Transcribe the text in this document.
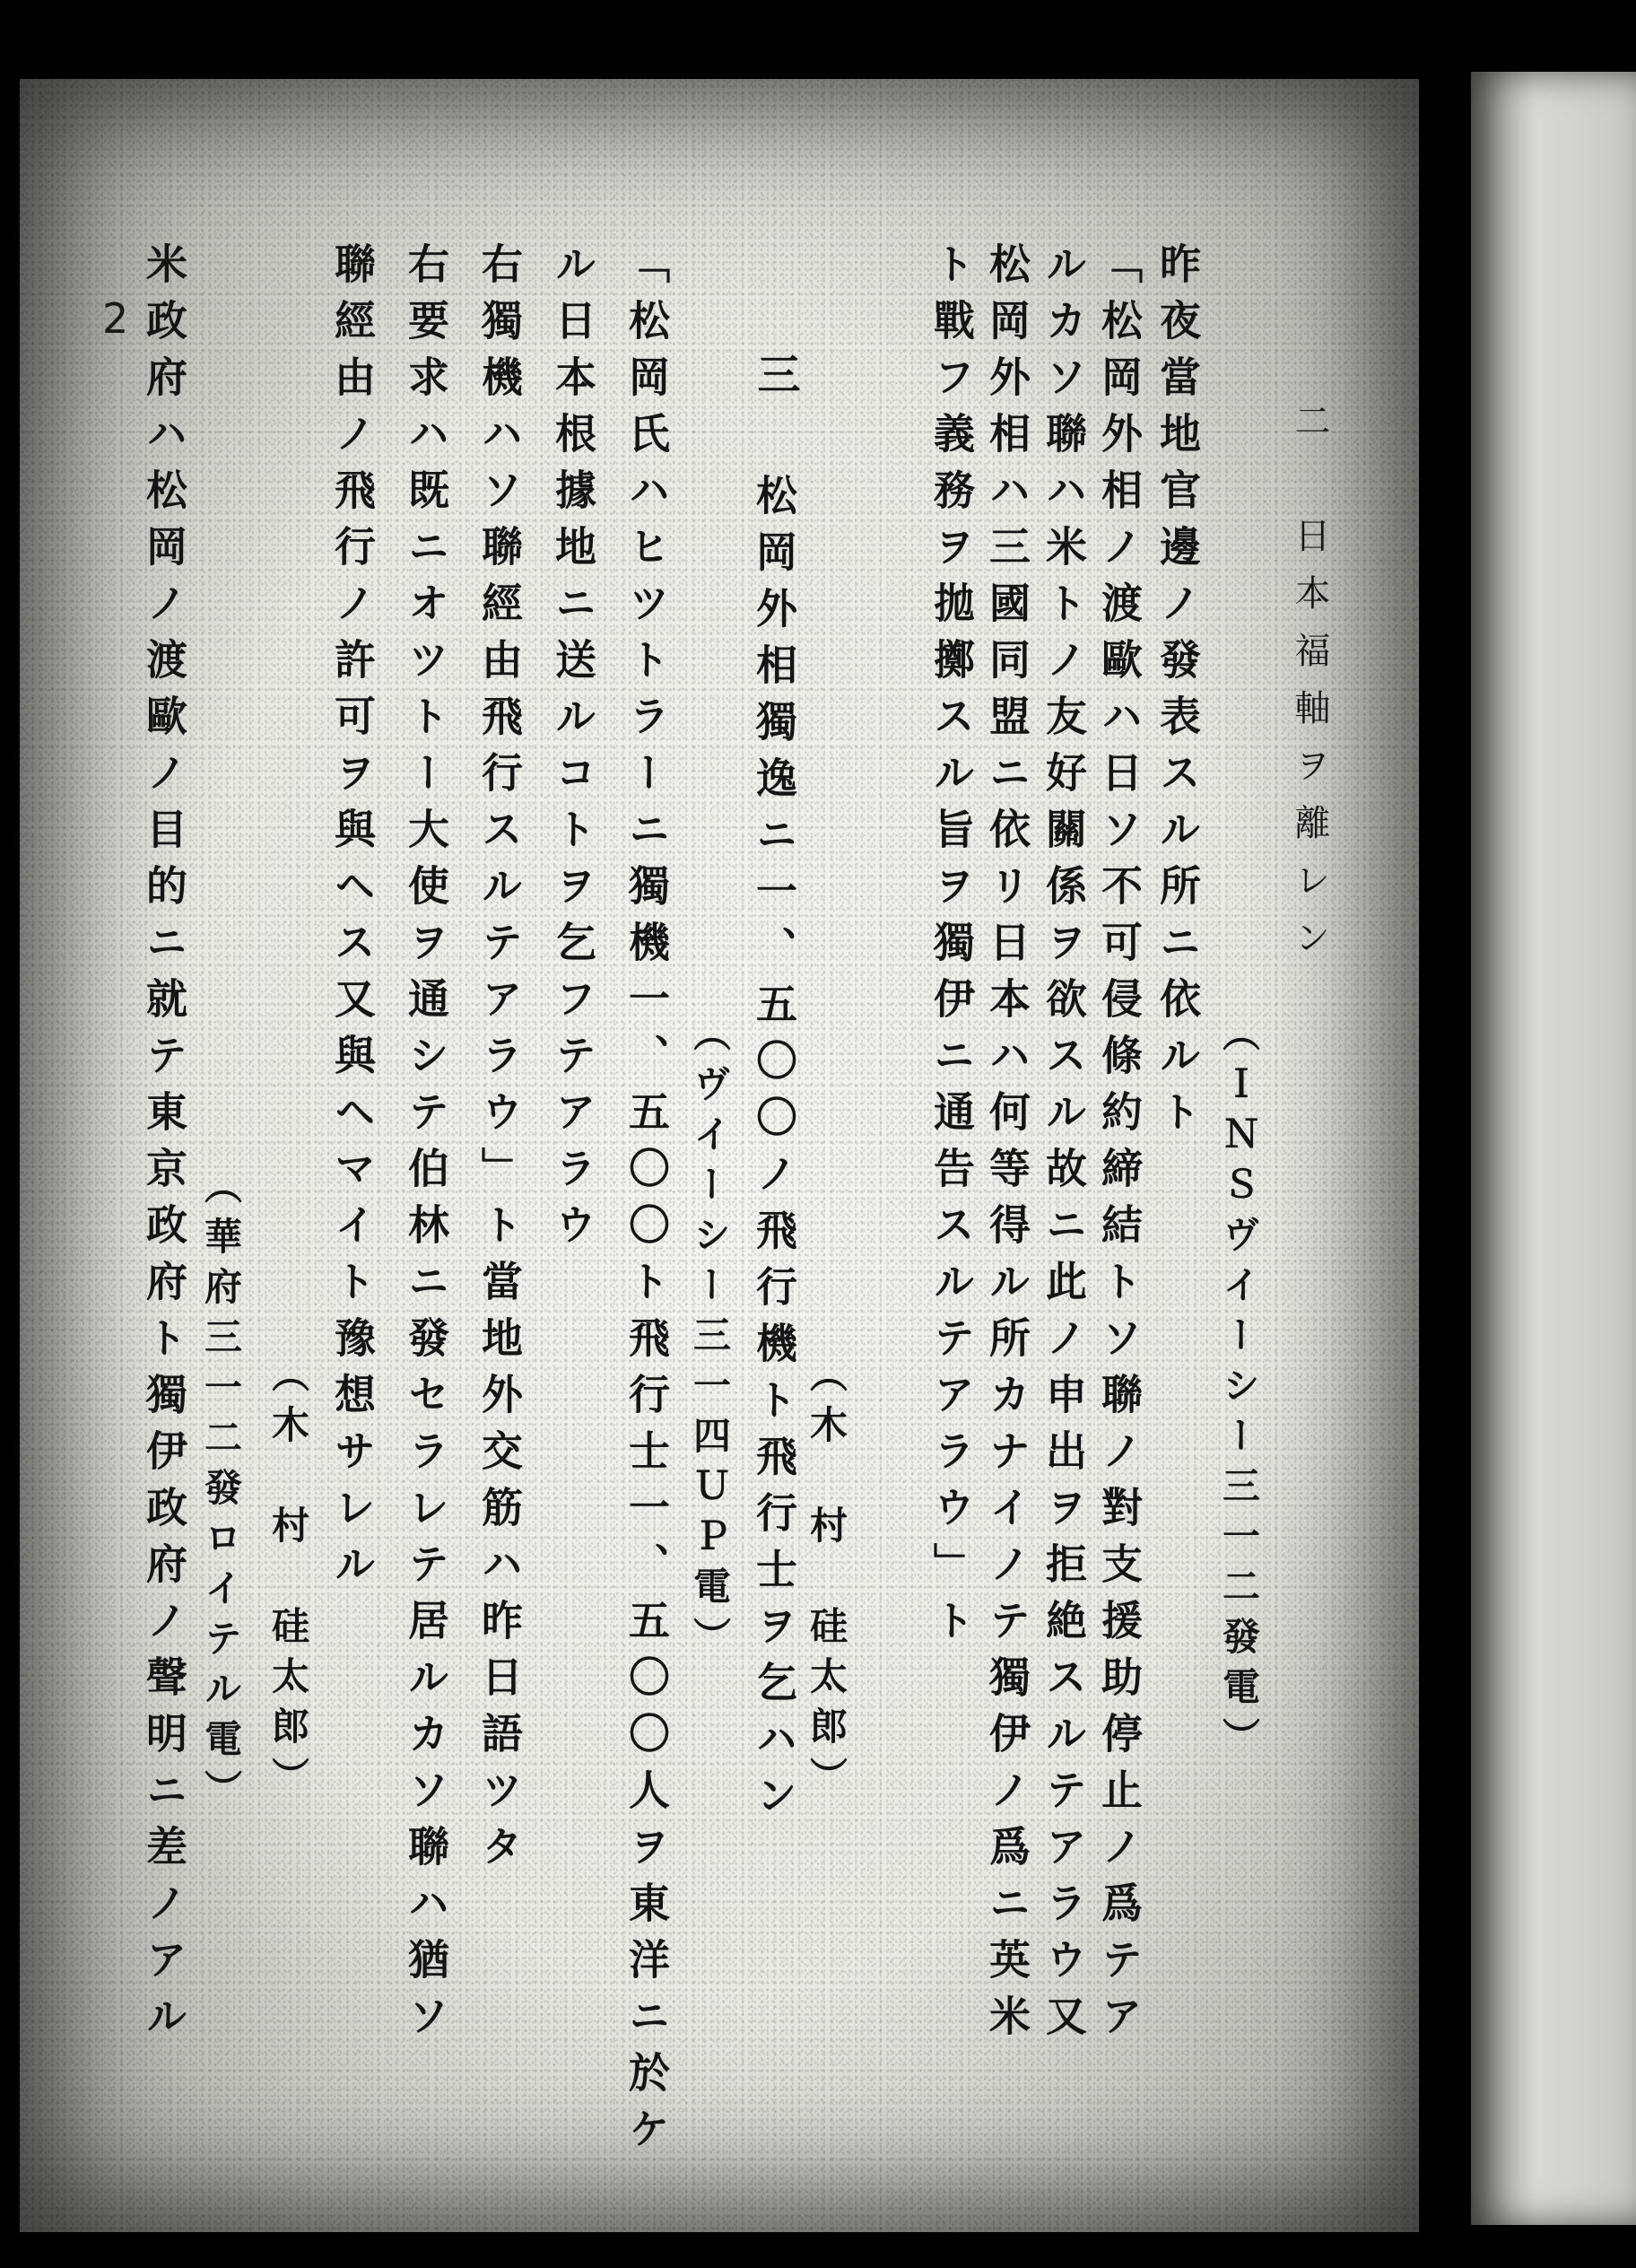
2
二　日本福軸ヲ離レン
（ＩＮＳヴイーシー三一二發電）
昨夜當地官邊ノ發表スル所ニ依ルト
「松岡外相ノ渡歐ハ日ソ不可侵條約締結トソ聯ノ對支援助停止ノ爲テア
ルカソ聯ハ米トノ友好關係ヲ欲スル故ニ此ノ申出ヲ拒絶スルテアラウ又
松岡外相ハ三國同盟ニ依リ日本ハ何等得ル所カナイノテ獨伊ノ爲ニ英米
ト戰フ義務ヲ拋擲スル旨ヲ獨伊ニ通告スルテアラウ」ト
（木　村　硅太郎）
三
松岡外相獨逸ニ一、五〇〇ノ飛行機ト飛行士ヲ乞ハン
（ヴイーシー三一四ＵＰ電）
「松岡氏ハヒツトラーニ獨機一、五〇〇ト飛行士一、五〇〇人ヲ東洋ニ於ケ
ル日本根據地ニ送ルコトヲ乞フテアラウ
右獨機ハソ聯經由飛行スルテアラウ」ト當地外交筋ハ昨日語ツタ
右要求ハ既ニオツトー大使ヲ通シテ伯林ニ發セラレテ居ルカソ聯ハ猶ソ
聯經由ノ飛行ノ許可ヲ與ヘス又與ヘマイト豫想サレル
（木　村　硅太郎）
（華府三一二發ロイテル電）
米政府ハ松岡ノ渡歐ノ目的ニ就テ東京政府ト獨伊政府ノ聲明ニ差ノアル
